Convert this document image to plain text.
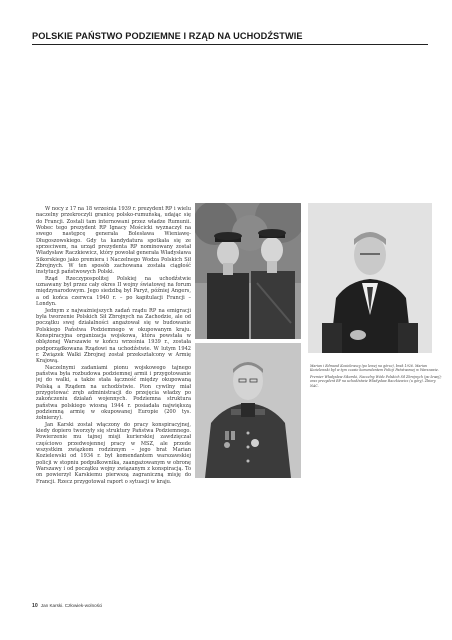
POLSKIE PAŃSTWO PODZIEMNE I RZĄD NA UCHODŹSTWIE

W nocy z 17 na 18 września 1939 r. prezydent RP i wielu naczelny przekroczyli granicę polsko-rumuńską, udając się do Francji. Zostali tam internowani przez władze Rumunii. Wobec tego prezydent RP Ignacy Mościcki wyznaczył na swego następcę generała Bolesława Wieniawę-Długoszowskiego. Gdy ta kandydatura spotkała się ze sprzeciwem, na urząd prezydenta RP nominowany został Władysław Raczkiewicz, który powołał generała Władysława Sikorskiego jako premiera i Naczelnego Wodza Polskich Sił Zbrojnych. W ten sposób zachowana została ciągłość instytucji państwowych Polski.

Rząd Rzeczypospolitej Polskiej na uchodźstwie uznawany był przez cały okres II wojny światowej na forum międzynarodowym. Jego siedzibą był Paryż, później Angers, a od końca czerwca 1940 r. – po kapitulacji Francji – Londyn.

Jednym z najważniejszych zadań rządu RP na emigracji była tworzenie Polskich Sił Zbrojnych na Zachodzie, ale od początku swej działalności angażował się w budowanie Polskiego Państwa Podziemnego w okupowanym kraju. Konspiracyjna organizacja wojskowa, która powstała w oblężonej Warszawie w końcu września 1939 r., została podporządkowana Rządowi na uchodźstwie. W lutym 1942 r. Związek Walki Zbrojnej został przekształcony w Armię Krajową.

Naczelnymi zadaniami pionu wojskowego tajnego państwa była rozbudowa podziemnej armii i przygotowanie jej do walki, a także stała łączność między okupowaną Polską a Rządem na uchodźstwie. Pion cywilny miał przygotować zręb administracji do przejęcia władzy po zakończeniu działań wojennych. Podziemna struktura państwa polskiego wiosną 1944 r. posiadała największą podziemną armię w okupowanej Europie (200 tys. żołnierzy).

Jan Karski został włączony do pracy konspiracyjnej, kiedy dopiero tworzyły się struktury Państwa Podziemnego. Powierzenie mu tajnej misji kurierskiej zawdzięczał częściowo przedwojennej pracy w MSZ, ale przede wszystkim związkom rodzinnym – jego brat Marian Kozielewski od 1934 r. był komendantem warszawskiej policji w stopniu podpułkownika, zaangażowanym w obronę Warszawy i od początku wojny związanym z konspiracją. To on powierzył Karskiemu pierwszą zagraniczną misję do Francji. Rzecz przygotował raport o sytuacji w kraju.

Marian i Edmund Kozielewscy (po lewej na górze), brak 1926. Marian Kozielewski był w tym czasie komendantem Policji Państwowej w Warszawie.

Premier Władysław Sikorski, Naczelny Wódz Polskich Sił Zbrojnych (po lewej); oraz prezydent RP na uchodźstwie Władysław Raczkiewicz (u góry). Zbiory NAC.

10 Jan Karski. Człowiek-wolności
